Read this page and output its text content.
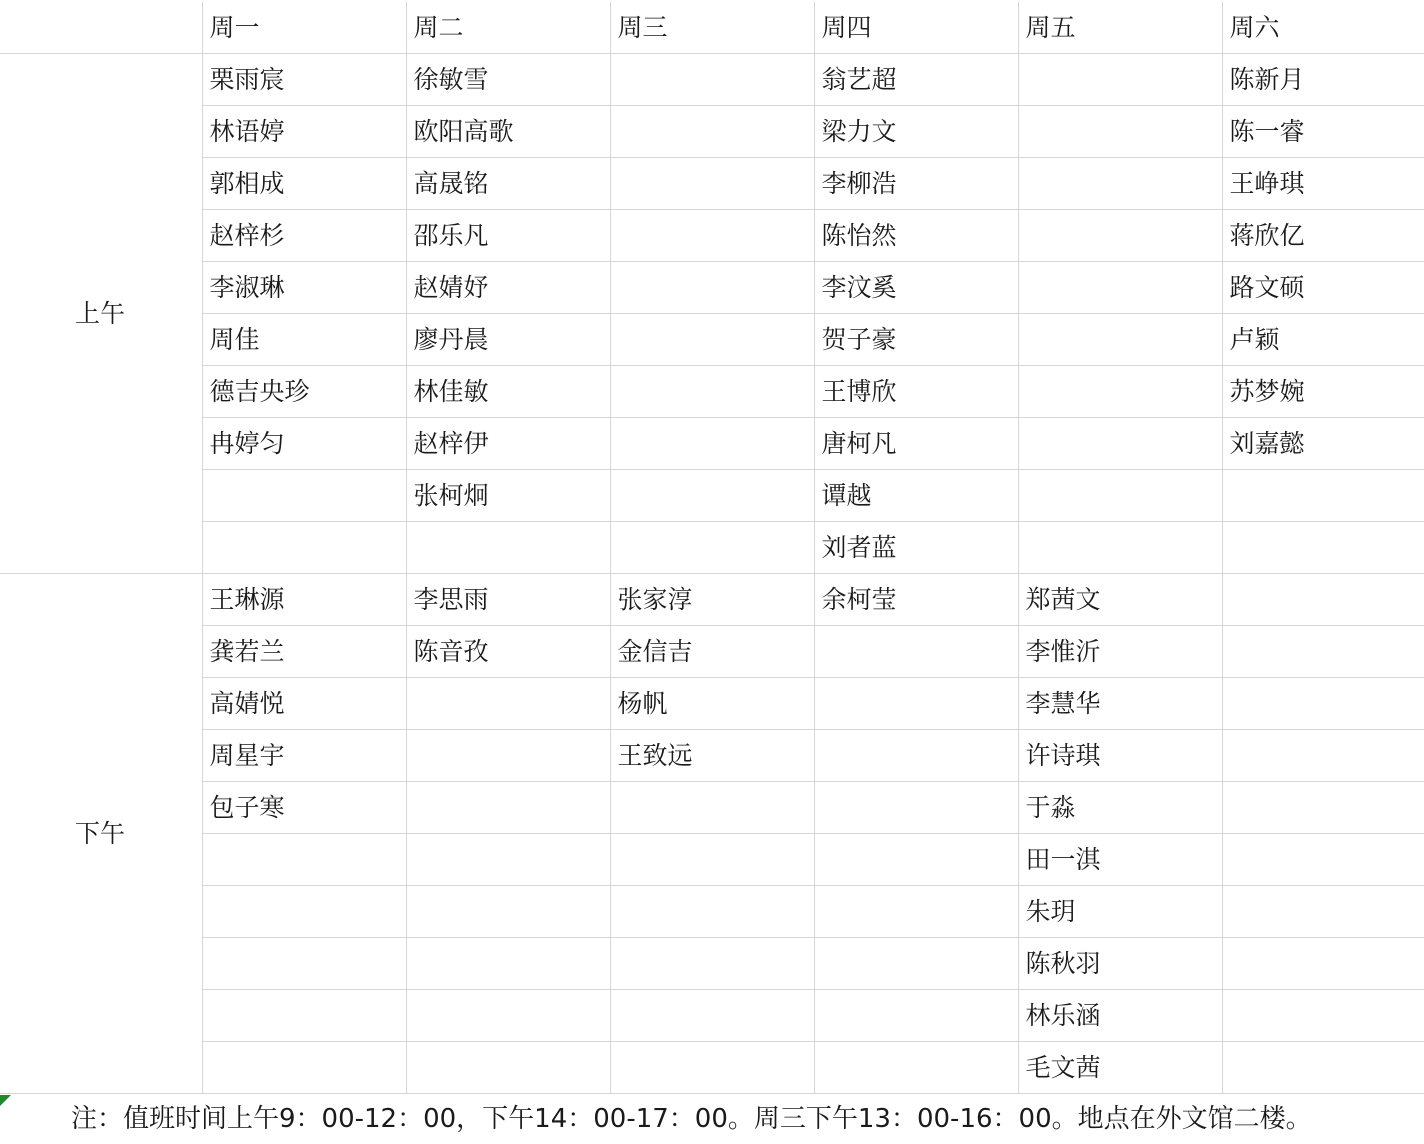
	周一	周二	周三	周四	周五	周六
上午	栗雨宸	徐敏雪		翁艺超		陈新月
	林语婷	欧阳高歌		梁力文		陈一睿
	郭相成	高晟铭		李柳浩		王峥琪
	赵梓杉	邵乐凡		陈怡然		蒋欣亿
	李淑琳	赵婧妤		李汶奚		路文硕
	周佳	廖丹晨		贺子豪		卢颖
	德吉央珍	林佳敏		王博欣		苏梦婉
	冉婷匀	赵梓伊		唐柯凡		刘嘉懿
		张柯炯		谭越		
				刘者蓝		
下午	王琳源	李思雨	张家淳	余柯莹	郑茜文	
	龚若兰	陈音孜	金信吉		李惟沂	
	高婧悦		杨帆		李慧华	
	周星宇		王致远		许诗琪	
	包子寒				于淼	
					田一淇	
					朱玥	
					陈秋羽	
					林乐涵	
					毛文茜	
注：值班时间上午9：00-12：00，下午14：00-17：00。周三下午13：00-16：00。地点在外文馆二楼。
